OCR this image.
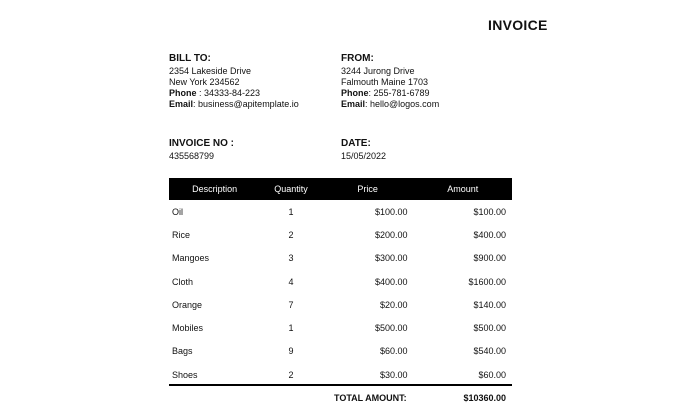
INVOICE
BILL TO:
2354 Lakeside Drive
New York 234562
Phone : 34333-84-223
Email: business@apitemplate.io
FROM:
3244 Jurong Drive
Falmouth Maine 1703
Phone: 255-781-6789
Email: hello@logos.com
INVOICE NO :
435568799
DATE:
15/05/2022
Description	Quantity	Price	Amount
Oil	1	$100.00	$100.00
Rice	2	$200.00	$400.00
Mangoes	3	$300.00	$900.00
Cloth	4	$400.00	$1600.00
Orange	7	$20.00	$140.00
Mobiles	1	$500.00	$500.00
Bags	9	$60.00	$540.00
Shoes	2	$30.00	$60.00
TOTAL AMOUNT:	$10360.00
